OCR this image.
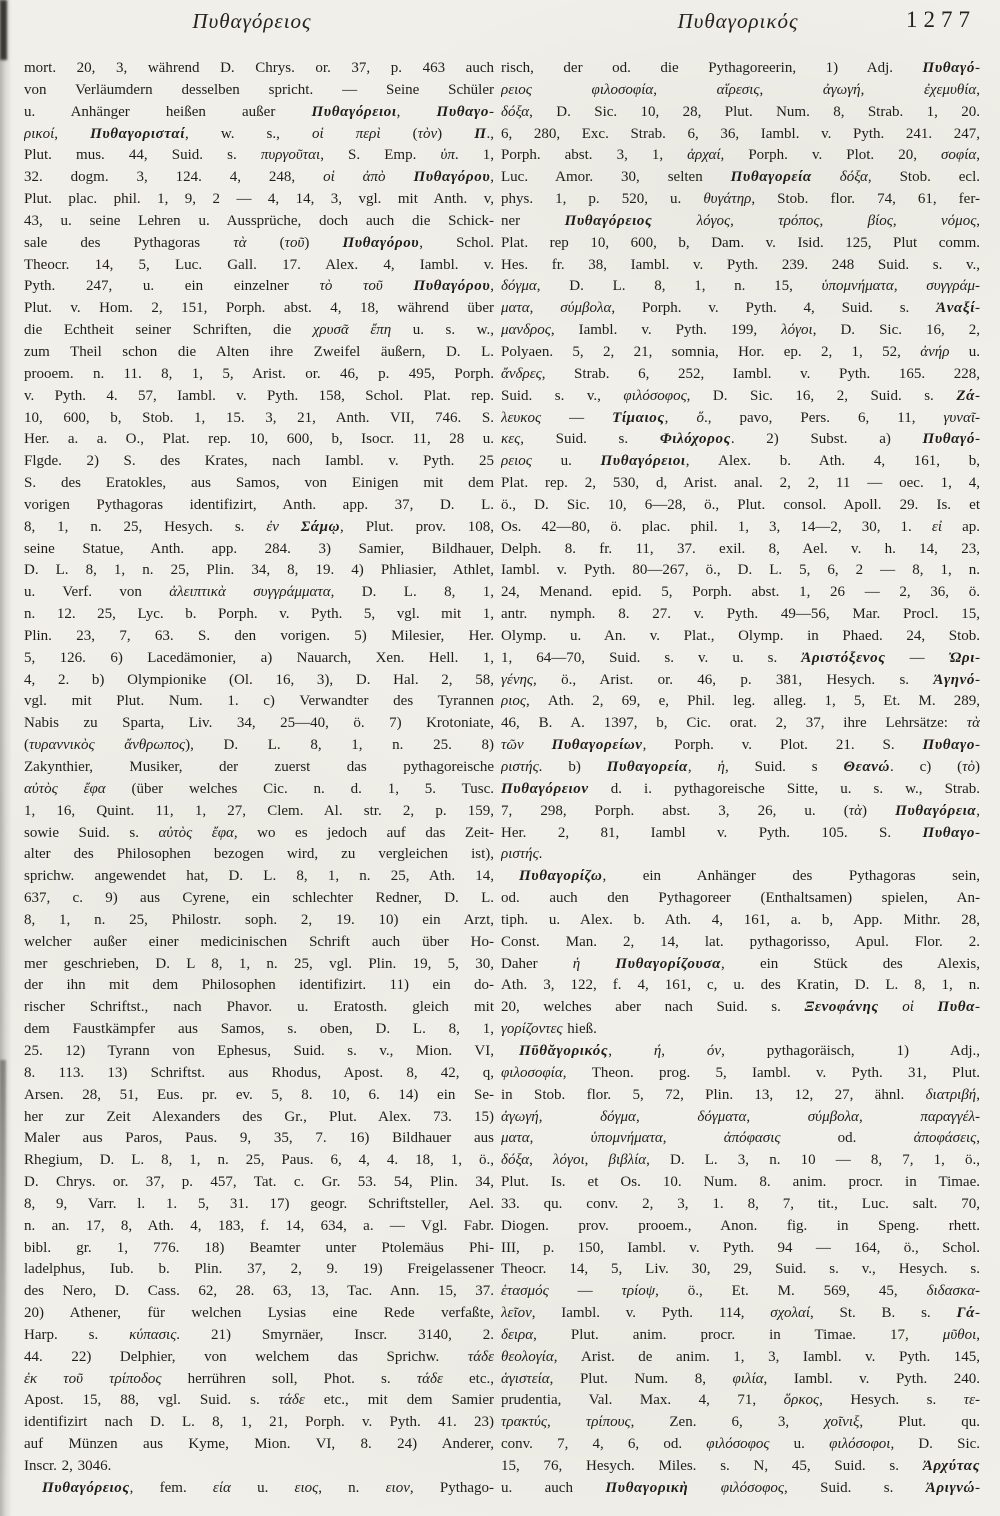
Πυθαγόρειος	Πυθαγορικός	1277
mort. 20, 3, während D. Chrys. or. 37, p. 463 auch
von Verläumdern desselben spricht. — Seine Schüler
u. Anhänger heißen außer Πυθαγόρειοι, Πυθαγο-
ρικοί, Πυθαγορισταί, w. s., οἱ περὶ (τὸν) Π.,
Plut. mus. 44, Suid. s. πυργοῦται, S. Emp. ὑπ. 1,
32. dogm. 3, 124. 4, 248, οἱ ἀπὸ Πυθαγόρου,
Plut. plac. phil. 1, 9, 2 — 4, 14, 3, vgl. mit Anth. v,
43, u. seine Lehren u. Aussprüche, doch auch die Schick-
sale des Pythagoras τὰ (τοῦ) Πυθαγόρου, Schol.
Theocr. 14, 5, Luc. Gall. 17. Alex. 4, Iambl. v.
Pyth. 247, u. ein einzelner τὸ τοῦ Πυθαγόρου,
Plut. v. Hom. 2, 151, Porph. abst. 4, 18, während über
die Echtheit seiner Schriften, die χρυσᾶ ἔπη u. s. w.,
zum Theil schon die Alten ihre Zweifel äußern, D. L.
prooem. n. 11. 8, 1, 5, Arist. or. 46, p. 495, Porph.
v. Pyth. 4. 57, Iambl. v. Pyth. 158, Schol. Plat. rep.
10, 600, b, Stob. 1, 15. 3, 21, Anth. VII, 746. S.
Her. a. a. O., Plat. rep. 10, 600, b, Isocr. 11, 28 u.
Flgde. 2) S. des Krates, nach Iambl. v. Pyth. 25
S. des Eratokles, aus Samos, von Einigen mit dem
vorigen Pythagoras identifizirt, Anth. app. 37, D. L.
8, 1, n. 25, Hesych. s. ἐν Σάμῳ, Plut. prov. 108,
seine Statue, Anth. app. 284. 3) Samier, Bildhauer,
D. L. 8, 1, n. 25, Plin. 34, 8, 19. 4) Phliasier, Athlet,
u. Verf. von ἀλειπτικὰ συγγράμματα, D. L. 8, 1,
n. 12. 25, Lyc. b. Porph. v. Pyth. 5, vgl. mit 1,
Plin. 23, 7, 63. S. den vorigen. 5) Milesier, Her.
5, 126. 6) Lacedämonier, a) Nauarch, Xen. Hell. 1,
4, 2. b) Olympionike (Ol. 16, 3), D. Hal. 2, 58,
vgl. mit Plut. Num. 1. c) Verwandter des Tyrannen
Nabis zu Sparta, Liv. 34, 25—40, ö. 7) Krotoniate,
(τυραννικὸς ἄνθρωπος), D. L. 8, 1, n. 25. 8)
Zakynthier, Musiker, der zuerst das pythagoreische
αὐτὸς ἔφα (über welches Cic. n. d. 1, 5. Tusc.
1, 16, Quint. 11, 1, 27, Clem. Al. str. 2, p. 159,
sowie Suid. s. αὐτὸς ἔφα, wo es jedoch auf das Zeit-
alter des Philosophen bezogen wird, zu vergleichen ist),
sprichw. angewendet hat, D. L. 8, 1, n. 25, Ath. 14,
637, c. 9) aus Cyrene, ein schlechter Redner, D. L.
8, 1, n. 25, Philostr. soph. 2, 19. 10) ein Arzt,
welcher außer einer medicinischen Schrift auch über Ho-
mer geschrieben, D. L 8, 1, n. 25, vgl. Plin. 19, 5, 30,
der ihn mit dem Philosophen identifizirt. 11) ein do-
rischer Schriftst., nach Phavor. u. Eratosth. gleich mit
dem Faustkämpfer aus Samos, s. oben, D. L. 8, 1,
25. 12) Tyrann von Ephesus, Suid. s. v., Mion. VI,
8. 113. 13) Schriftst. aus Rhodus, Apost. 8, 42, q,
Arsen. 28, 51, Eus. pr. ev. 5, 8. 10, 6. 14) ein Se-
her zur Zeit Alexanders des Gr., Plut. Alex. 73. 15)
Maler aus Paros, Paus. 9, 35, 7. 16) Bildhauer aus
Rhegium, D. L. 8, 1, n. 25, Paus. 6, 4, 4. 18, 1, ö.,
D. Chrys. or. 37, p. 457, Tat. c. Gr. 53. 54, Plin. 34,
8, 9, Varr. l. 1. 5, 31. 17) geogr. Schriftsteller, Ael.
n. an. 17, 8, Ath. 4, 183, f. 14, 634, a. — Vgl. Fabr.
bibl. gr. 1, 776. 18) Beamter unter Ptolemäus Phi-
ladelphus, Iub. b. Plin. 37, 2, 9. 19) Freigelassener
des Nero, D. Cass. 62, 28. 63, 13, Tac. Ann. 15, 37.
20) Athener, für welchen Lysias eine Rede verfaßte,
Harp. s. κύπασις. 21) Smyrnäer, Inscr. 3140, 2.
44. 22) Delphier, von welchem das Sprichw. τάδε
ἐκ τοῦ τρίποδος herrühren soll, Phot. s. τάδε etc.,
Apost. 15, 88, vgl. Suid. s. τάδε etc., mit dem Samier
identifizirt nach D. L. 8, 1, 21, Porph. v. Pyth. 41. 23)
auf Münzen aus Kyme, Mion. VI, 8. 24) Anderer,
Inscr. 2, 3046.
Πυθαγόρειος, fem. εία u. ειος, n. ειον, Pythago-
risch, der od. die Pythagoreerin, 1) Adj. Πυθαγό-
ρειος	φιλοσοφία, αἵρεσις, ἀγωγή, ἐχεμυθία,
δόξα, D. Sic. 10, 28, Plut. Num. 8, Strab. 1, 20.
6, 280, Exc. Strab. 6, 36, Iambl. v. Pyth. 241. 247,
Porph. abst. 3, 1, ἀρχαί, Porph. v. Plot. 20, σοφία,
Luc. Amor. 30, selten Πυθαγορεία δόξα, Stob. ecl.
phys. 1, p. 520, u. θυγάτηρ, Stob. flor. 74, 61, fer-
ner Πυθαγόρειος	λόγος, τρόπος, βίος, νόμος,
Plat. rep 10, 600, b, Dam. v. Isid. 125, Plut comm.
Hes. fr. 38, Iambl. v. Pyth. 239. 248 Suid. s. v.,
δόγμα, D. L. 8, 1, n. 15, ὑπομνήματα, συγγράμ-
ματα, σύμβολα, Porph. v. Pyth. 4, Suid. s. Ἀναξί-
μανδρος, Iambl. v. Pyth. 199, λόγοι, D. Sic. 16, 2,
Polyaen. 5, 2, 21, somnia, Hor. ep. 2, 1, 52, ἀνήρ u.
ἄνδρες, Strab. 6, 252, Iambl. v. Pyth. 165. 228,
Suid. s. v., φιλόσοφος, D. Sic. 16, 2, Suid. s. Ζά-
λευκος — Τίμαιος, ὅ., pavo, Pers. 6, 11, γυναῖ-
κες, Suid. s. Φιλόχορος. 2) Subst. a) Πυθαγό-
ρειος u. Πυθαγόρειοι, Alex. b. Ath. 4, 161, b,
Plat. rep. 2, 530, d, Arist. anal. 2, 2, 11 — oec. 1, 4,
ö., D. Sic. 10, 6—28, ö., Plut. consol. Apoll. 29. Is. et
Os. 42—80, ö. plac. phil. 1, 3, 14—2, 30, 1. εἰ ap.
Delph. 8. fr. 11, 37. exil. 8, Ael. v. h. 14, 23,
Iambl. v. Pyth. 80—267, ö., D. L. 5, 6, 2 — 8, 1, n.
24, Menand. epid. 5, Porph. abst. 1, 26 — 2, 36, ö.
antr. nymph. 8. 27. v. Pyth. 49—56, Mar. Procl. 15,
Olymp. u. An. v. Plat., Olymp. in Phaed. 24, Stob.
1, 64—70, Suid. s. v. u. s. Ἀριστόξενος — Ὠρι-
γένης, ö., Arist. or. 46, p. 381, Hesych. s. Ἀγηνό-
ριος, Ath. 2, 69, e, Phil. leg. alleg. 1, 5, Et. M. 289,
46, B. A. 1397, b, Cic. orat. 2, 37, ihre Lehrsätze: τὰ
τῶν Πυθαγορείων, Porph. v. Plot. 21. S. Πυθαγο-
ριστής. b) Πυθαγορεία, ἡ, Suid. s Θεανώ. c) (τὸ)
Πυθαγόρειον d. i. pythagoreische Sitte, u. s. w., Strab.
7, 298, Porph. abst. 3, 26, u. (τὰ) Πυθαγόρεια,
Her. 2, 81, Iambl v. Pyth. 105. S. Πυθαγο-
ριστής.
Πυθαγορίζω, ein Anhänger des Pythagoras sein,
od. auch den Pythagoreer (Enthaltsamen) spielen, An-
tiph. u. Alex. b. Ath. 4, 161, a. b, App. Mithr. 28,
Const. Man. 2, 14, lat. pythagorisso, Apul. Flor. 2.
Daher ἡ Πυθαγορίζουσα, ein Stück des Alexis,
Ath. 3, 122, f. 4, 161, c, u. des Kratin, D. L. 8, 1, n.
20, welches aber nach Suid. s. Ξενοφάνης οἱ Πυθα-
γορίζοντες hieß.
Πῡθᾰγορικός, ή, όν, pythagoräisch, 1) Adj.,
φιλοσοφία, Theon. prog. 5, Iambl. v. Pyth. 31, Plut.
in Stob. flor. 5, 72, Plin. 13, 12, 27, ähnl. διατριβή,
ἀγωγή, δόγμα, δόγματα, σύμβολα, παραγγέλ-
ματα, ὑπομνήματα, ἀπόφασις od. ἀποφάσεις,
δόξα, λόγοι, βιβλία, D. L. 3, n. 10 — 8, 7, 1, ö.,
Plut. Is. et Os. 10. Num. 8. anim. procr. in Timae.
33. qu. conv. 2, 3, 1. 8, 7, tit., Luc. salt. 70,
Diogen. prov. prooem., Anon. fig. in Speng. rhett.
III, p. 150, Iambl. v. Pyth. 94 — 164, ö., Schol.
Theocr. 14, 5, Liv. 30, 29, Suid. s. v., Hesych. s.
ἑτασμός — τρίοψ, ö., Et. M. 569, 45, διδασκα-
λεῖον, Iambl. v. Pyth. 114, σχολαί, St. B. s. Γά-
δειρα, Plut. anim. procr. in Timae. 17, μῦθοι,
θεολογία, Arist. de anim. 1, 3, Iambl. v. Pyth. 145,
ἁγιστεία, Plut. Num. 8, φιλία, Iambl. v. Pyth. 240.
prudentia, Val. Max. 4, 71, ὅρκος, Hesych. s. τε-
τρακτύς, τρίπους, Zen. 6, 3, χοῖνιξ, Plut. qu.
conv. 7, 4, 6, od. φιλόσοφος u. φιλόσοφοι, D. Sic.
15, 76, Hesych. Miles. s. N, 45, Suid. s. Ἀρχύτας
u. auch Πυθαγορικὴ φιλόσοφος, Suid. s. Ἀριγνώ-
